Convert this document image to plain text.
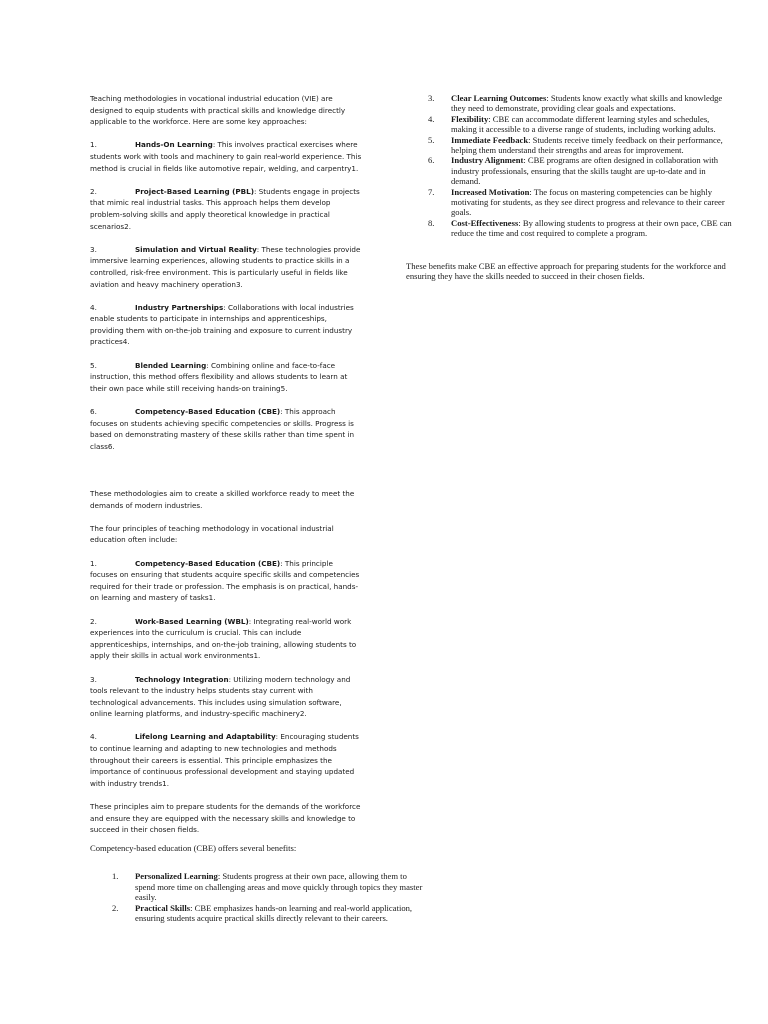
Teaching methodologies in vocational industrial education (VIE) are designed to equip students with practical skills and knowledge directly applicable to the workforce. Here are some key approaches:

1.	Hands-On Learning: This involves practical exercises where students work with tools and machinery to gain real-world experience. This method is crucial in fields like automotive repair, welding, and carpentry1.

2.	Project-Based Learning (PBL): Students engage in projects that mimic real industrial tasks. This approach helps them develop problem-solving skills and apply theoretical knowledge in practical scenarios2.

3.	Simulation and Virtual Reality: These technologies provide immersive learning experiences, allowing students to practice skills in a controlled, risk-free environment. This is particularly useful in fields like aviation and heavy machinery operation3.

4.	Industry Partnerships: Collaborations with local industries enable students to participate in internships and apprenticeships, providing them with on-the-job training and exposure to current industry practices4.

5.	Blended Learning: Combining online and face-to-face instruction, this method offers flexibility and allows students to learn at their own pace while still receiving hands-on training5.

6.	Competency-Based Education (CBE): This approach focuses on students achieving specific competencies or skills. Progress is based on demonstrating mastery of these skills rather than time spent in class6.

These methodologies aim to create a skilled workforce ready to meet the demands of modern industries.

The four principles of teaching methodology in vocational industrial education often include:

1.	Competency-Based Education (CBE): This principle focuses on ensuring that students acquire specific skills and competencies required for their trade or profession. The emphasis is on practical, hands-on learning and mastery of tasks1.

2.	Work-Based Learning (WBL): Integrating real-world work experiences into the curriculum is crucial. This can include apprenticeships, internships, and on-the-job training, allowing students to apply their skills in actual work environments1.

3.	Technology Integration: Utilizing modern technology and tools relevant to the industry helps students stay current with technological advancements. This includes using simulation software, online learning platforms, and industry-specific machinery2.

4.	Lifelong Learning and Adaptability: Encouraging students to continue learning and adapting to new technologies and methods throughout their careers is essential. This principle emphasizes the importance of continuous professional development and staying updated with industry trends1.

These principles aim to prepare students for the demands of the workforce and ensure they are equipped with the necessary skills and knowledge to succeed in their chosen fields.

Competency-based education (CBE) offers several benefits:

1. Personalized Learning: Students progress at their own pace, allowing them to spend more time on challenging areas and move quickly through topics they master easily.
2. Practical Skills: CBE emphasizes hands-on learning and real-world application, ensuring students acquire practical skills directly relevant to their careers.
3. Clear Learning Outcomes: Students know exactly what skills and knowledge they need to demonstrate, providing clear goals and expectations.
4. Flexibility: CBE can accommodate different learning styles and schedules, making it accessible to a diverse range of students, including working adults.
5. Immediate Feedback: Students receive timely feedback on their performance, helping them understand their strengths and areas for improvement.
6. Industry Alignment: CBE programs are often designed in collaboration with industry professionals, ensuring that the skills taught are up-to-date and in demand.
7. Increased Motivation: The focus on mastering competencies can be highly motivating for students, as they see direct progress and relevance to their career goals.
8. Cost-Effectiveness: By allowing students to progress at their own pace, CBE can reduce the time and cost required to complete a program.

These benefits make CBE an effective approach for preparing students for the workforce and ensuring they have the skills needed to succeed in their chosen fields.
